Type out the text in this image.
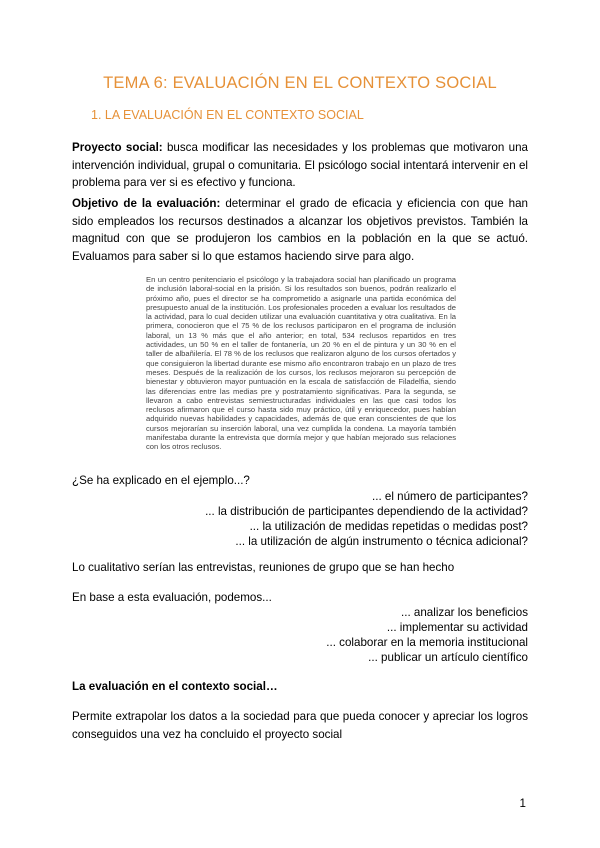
TEMA 6: EVALUACIÓN EN EL CONTEXTO SOCIAL
1. LA EVALUACIÓN EN EL CONTEXTO SOCIAL
Proyecto social: busca modificar las necesidades y los problemas que motivaron una intervención individual, grupal o comunitaria. El psicólogo social intentará intervenir en el problema para ver si es efectivo y funciona.
Objetivo de la evaluación: determinar el grado de eficacia y eficiencia con que han sido empleados los recursos destinados a alcanzar los objetivos previstos. También la magnitud con que se produjeron los cambios en la población en la que se actuó. Evaluamos para saber si lo que estamos haciendo sirve para algo.
En un centro penitenciario el psicólogo y la trabajadora social han planificado un programa de inclusión laboral-social en la prisión. Si los resultados son buenos, podrán realizarlo el próximo año, pues el director se ha comprometido a asignarle una partida económica del presupuesto anual de la institución. Los profesionales proceden a evaluar los resultados de la actividad, para lo cual deciden utilizar una evaluación cuantitativa y otra cualitativa. En la primera, conocieron que el 75 % de los reclusos participaron en el programa de inclusión laboral, un 13 % más que el año anterior; en total, 534 reclusos repartidos en tres actividades, un 50 % en el taller de fontanería, un 20 % en el de pintura y un 30 % en el taller de albañilería. El 78 % de los reclusos que realizaron alguno de los cursos ofertados y que consiguieron la libertad durante ese mismo año encontraron trabajo en un plazo de tres meses. Después de la realización de los cursos, los reclusos mejoraron su percepción de bienestar y obtuvieron mayor puntuación en la escala de satisfacción de Filadelfia, siendo las diferencias entre las medias pre y postratamiento significativas. Para la segunda, se llevaron a cabo entrevistas semiestructuradas individuales en las que casi todos los reclusos afirmaron que el curso hasta sido muy práctico, útil y enriquecedor, pues habían adquirido nuevas habilidades y capacidades, además de que eran conscientes de que los cursos mejorarían su inserción laboral, una vez cumplida la condena. La mayoría también manifestaba durante la entrevista que dormía mejor y que habían mejorado sus relaciones con los otros reclusos.
¿Se ha explicado en el ejemplo...?
... el número de participantes?
... la distribución de participantes dependiendo de la actividad?
... la utilización de medidas repetidas o medidas post?
... la utilización de algún instrumento o técnica adicional?
Lo cualitativo serían las entrevistas, reuniones de grupo que se han hecho
En base a esta evaluación, podemos...
... analizar los beneficios
... implementar su actividad
... colaborar en la memoria institucional
... publicar un artículo científico
La evaluación en el contexto social…
Permite extrapolar los datos a la sociedad para que pueda conocer y apreciar los logros conseguidos una vez ha concluido el proyecto social
1
